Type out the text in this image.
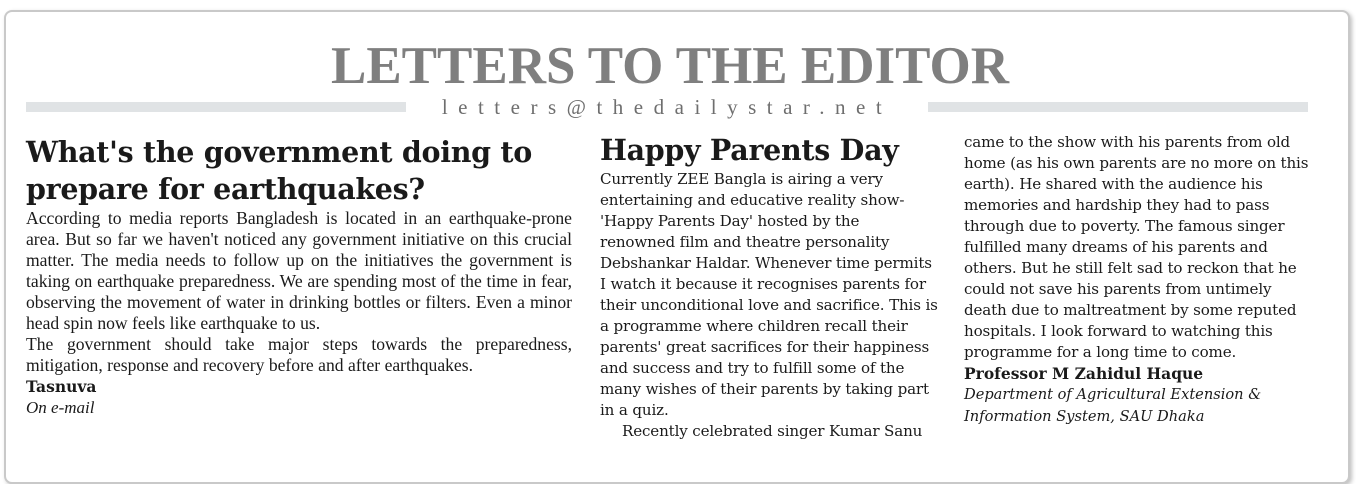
LETTERS TO THE EDITOR
letters@thedailystar.net
What's the government doing to prepare for earthquakes?

According to media reports Bangladesh is located in an earthquake-prone area. But so far we haven't noticed any government initiative on this crucial matter. The media needs to follow up on the initiatives the government is taking on earthquake preparedness. We are spending most of the time in fear, observing the movement of water in drinking bottles or filters. Even a minor head spin now feels like earthquake to us.

The government should take major steps towards the preparedness, mitigation, response and recovery before and after earthquakes.

Tasnuva

On e-mail

Happy Parents Day

Currently ZEE Bangla is airing a very entertaining and educative reality show-'Happy Parents Day' hosted by the renowned film and theatre personality Debshankar Haldar. Whenever time permits I watch it because it recognises parents for their unconditional love and sacrifice. This is a programme where children recall their parents' great sacrifices for their happiness and success and try to fulfill some of the many wishes of their parents by taking part in a quiz.

Recently celebrated singer Kumar Sanu

came to the show with his parents from old home (as his own parents are no more on this earth). He shared with the audience his memories and hardship they had to pass through due to poverty. The famous singer fulfilled many dreams of his parents and others. But he still felt sad to reckon that he could not save his parents from untimely death due to maltreatment by some reputed hospitals. I look forward to watching this programme for a long time to come.

Professor M Zahidul Haque

Department of Agricultural Extension & Information System, SAU Dhaka
